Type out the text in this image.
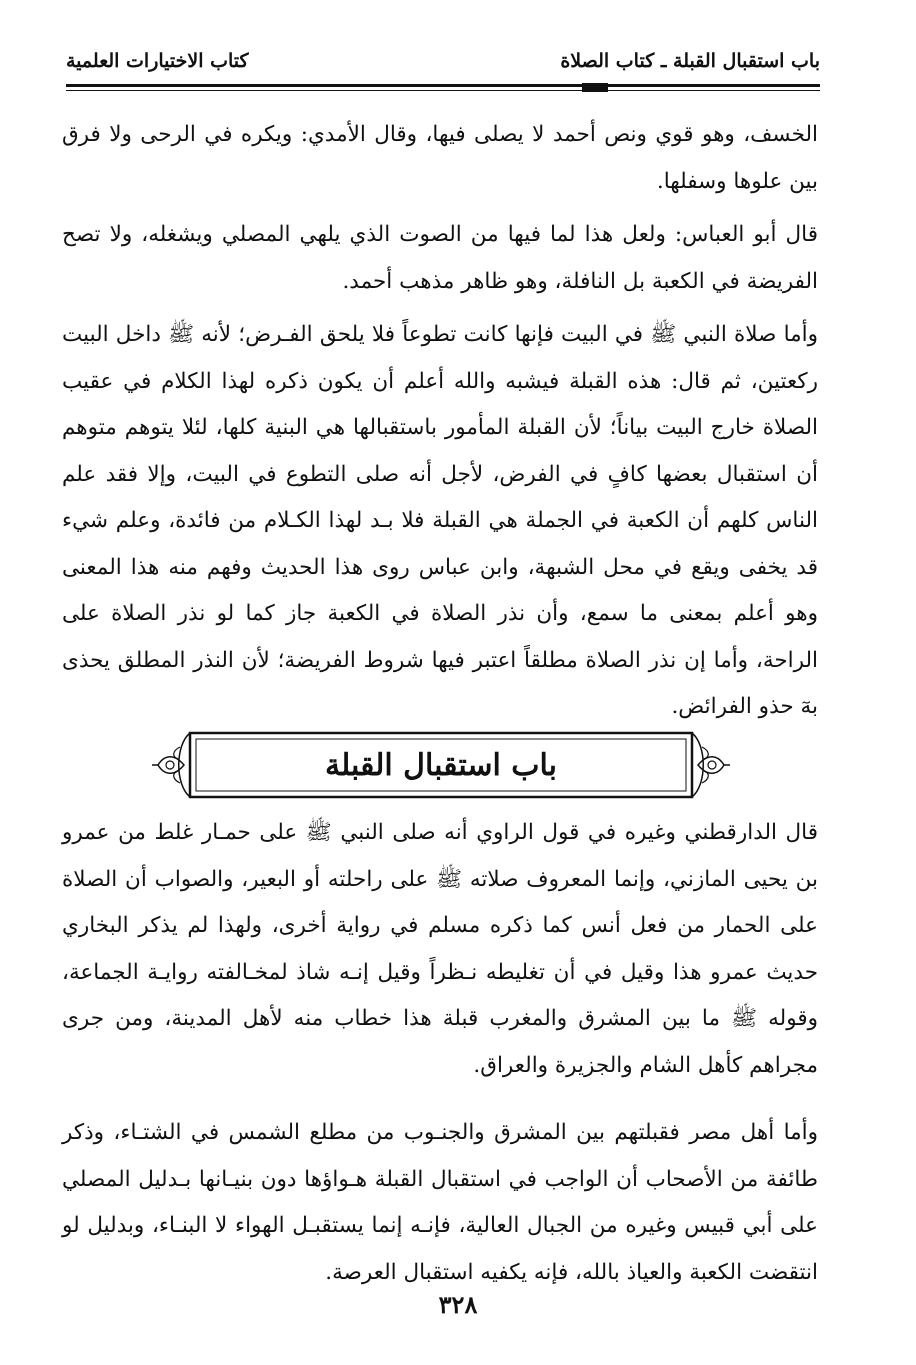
باب استقبال القبلة ـ كتاب الصلاة
كتاب الاختيارات العلمية

الخسف، وهو قوي ونص أحمد لا يصلى فيها، وقال الأمدي: ويكره في الرحى ولا فرق بين علوها وسفلها.

قال أبو العباس: ولعل هذا لما فيها من الصوت الذي يلهي المصلي ويشغله، ولا تصح الفريضة في الكعبة بل النافلة، وهو ظاهر مذهب أحمد.

وأما صلاة النبي ﷺ في البيت فإنها كانت تطوعاً فلا يلحق الفـرض؛ لأنه ﷺ داخل البيت ركعتين، ثم قال: هذه القبلة فيشبه والله أعلم أن يكون ذكره لهذا الكلام في عقيب الصلاة خارج البيت بياناً؛ لأن القبلة المأمور باستقبالها هي البنية كلها، لئلا يتوهم متوهم أن استقبال بعضها كافٍ في الفرض، لأجل أنه صلى التطوع في البيت، وإلا فقد علم الناس كلهم أن الكعبة في الجملة هي القبلة فلا بـد لهذا الكـلام من فائدة، وعلم شيء قد يخفى ويقع في محل الشبهة، وابن عباس روى هذا الحديث وفهم منه هذا المعنى وهو أعلم بمعنى ما سمع، وأن نذر الصلاة في الكعبة جاز كما لو نذر الصلاة على الراحة، وأما إن نذر الصلاة مطلقاً اعتبر فيها شروط الفريضة؛ لأن النذر المطلق يحذى بهٓ حذو الفرائض.

باب استقبال القبلة

قال الدارقطني وغيره في قول الراوي أنه صلى النبي ﷺ على حمـار غلط من عمرو بن يحيى المازني، وإنما المعروف صلاته ﷺ على راحلته أو البعير، والصواب أن الصلاة على الحمار من فعل أنس كما ذكره مسلم في رواية أخرى، ولهذا لم يذكر البخاري حديث عمرو هذا وقيل في أن تغليطه نـظراً وقيل إنـه شاذ لمخـالفته روايـة الجماعة، وقوله ﷺ ما بين المشرق والمغرب قبلة هذا خطاب منه لأهل المدينة، ومن جرى مجراهم كأهل الشام والجزيرة والعراق.

وأما أهل مصر فقبلتهم بين المشرق والجنـوب من مطلع الشمس في الشتـاء، وذكر طائفة من الأصحاب أن الواجب في استقبال القبلة هـواؤها دون بنيـانها بـدليل المصلي على أبي قبيس وغيره من الجبال العالية، فإنـه إنما يستقبـل الهواء لا البنـاء، وبدليل لو انتقضت الكعبة والعياذ بالله، فإنه يكفيه استقبال العرصة.

٣٢٨
